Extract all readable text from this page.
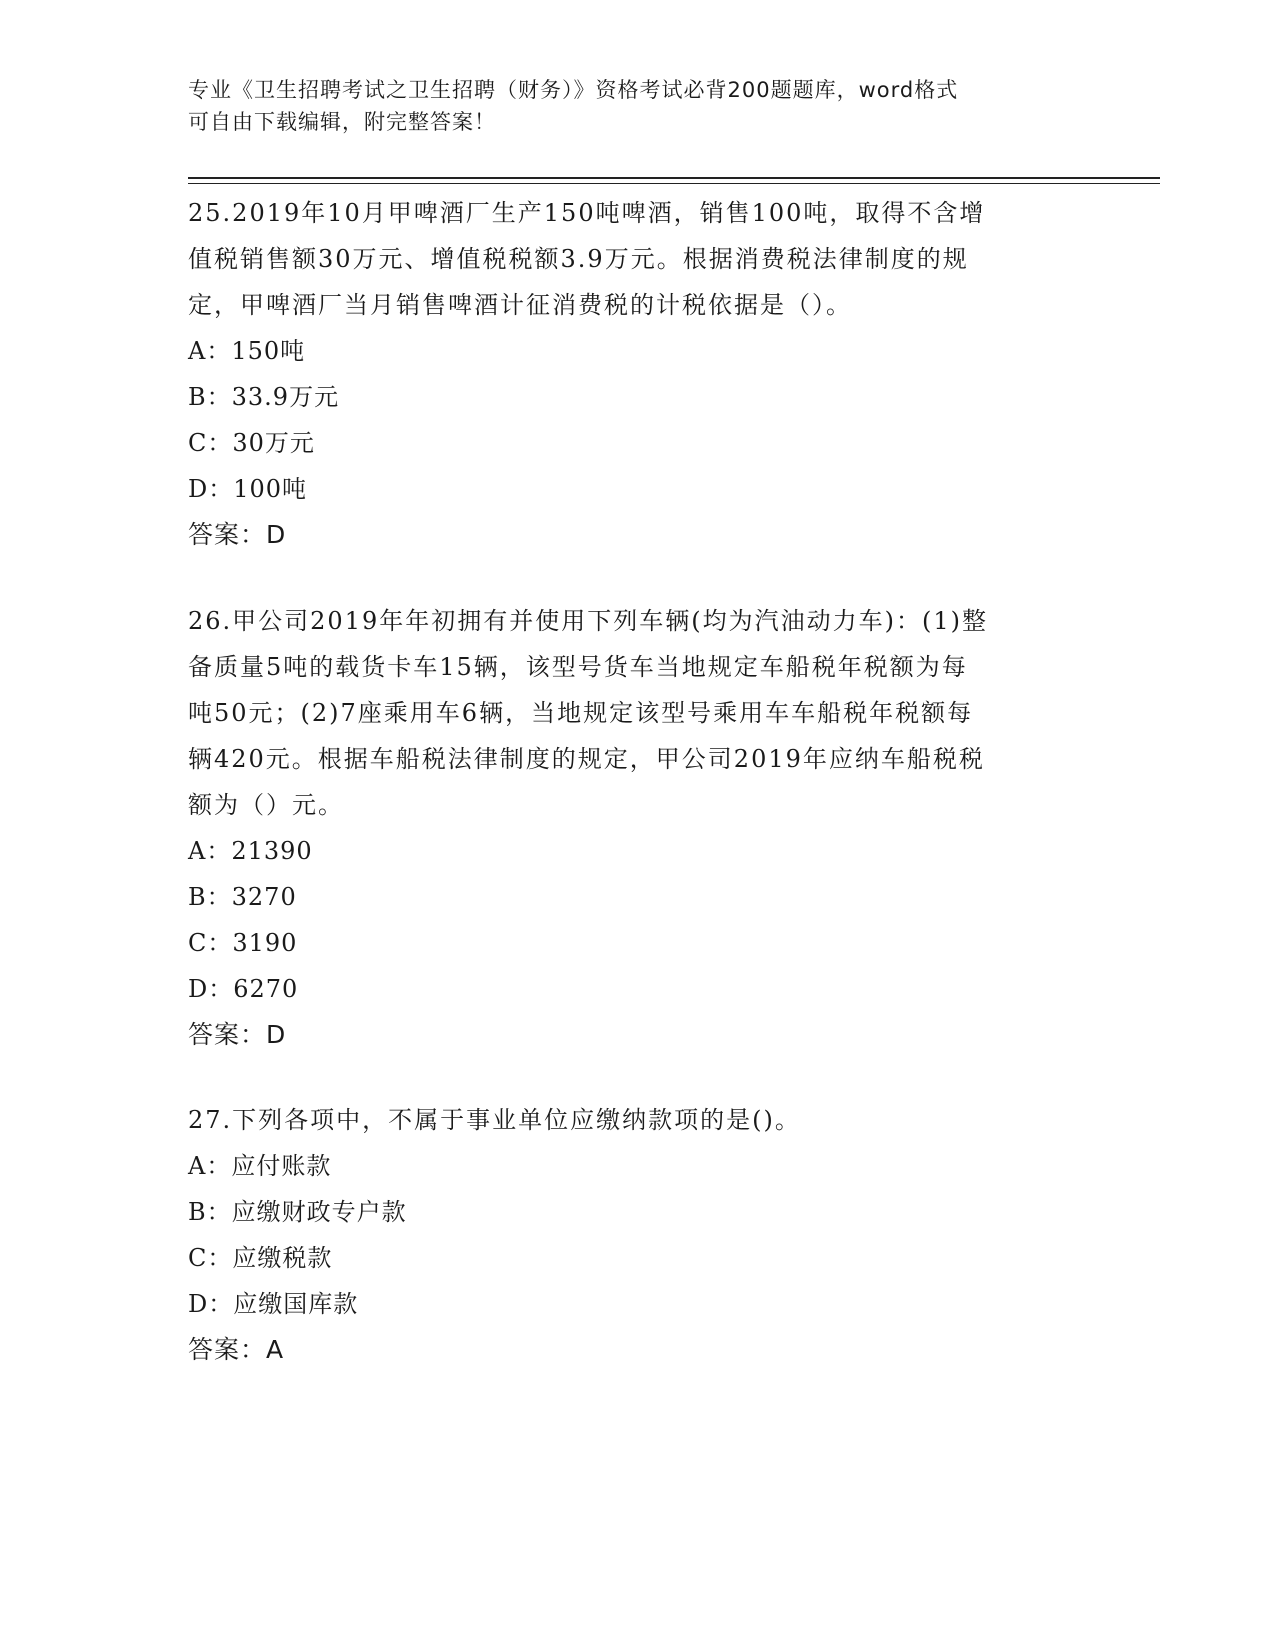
专业《卫生招聘考试之卫生招聘（财务）》资格考试必背200题题库，word格式

可自由下载编辑，附完整答案！

25.2019年10月甲啤酒厂生产150吨啤酒，销售100吨，取得不含增

值税销售额30万元、增值税税额3.9万元。根据消费税法律制度的规

定，甲啤酒厂当月销售啤酒计征消费税的计税依据是（）。

A：150吨

B：33.9万元

C：30万元

D：100吨

答案：D

26.甲公司2019年年初拥有并使用下列车辆(均为汽油动力车)：(1)整

备质量5吨的载货卡车15辆，该型号货车当地规定车船税年税额为每

吨50元；(2)7座乘用车6辆，当地规定该型号乘用车车船税年税额每

辆420元。根据车船税法律制度的规定，甲公司2019年应纳车船税税

额为（）元。

A：21390

B：3270

C：3190

D：6270

答案：D

27.下列各项中，不属于事业单位应缴纳款项的是()。

A：应付账款

B：应缴财政专户款

C：应缴税款

D：应缴国库款

答案：A
